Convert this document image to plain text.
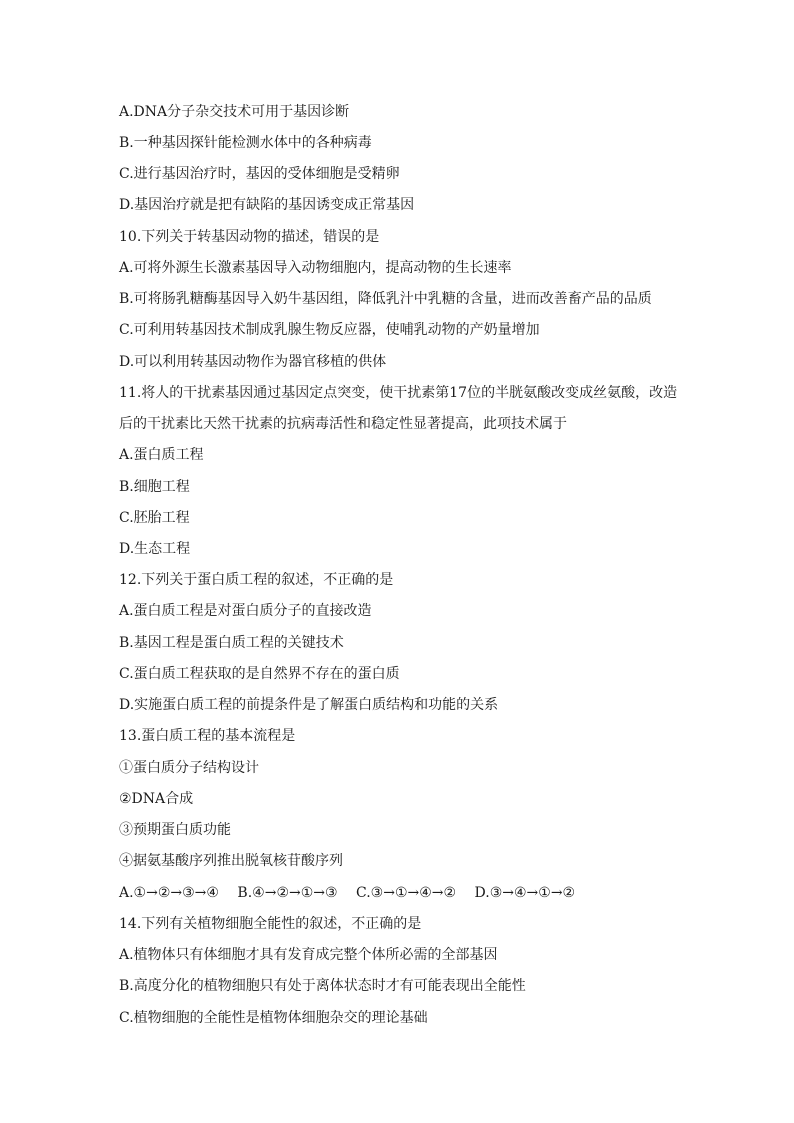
A.DNA分子杂交技术可用于基因诊断
B.一种基因探针能检测水体中的各种病毒
C.进行基因治疗时，基因的受体细胞是受精卵
D.基因治疗就是把有缺陷的基因诱变成正常基因
10.下列关于转基因动物的描述，错误的是
A.可将外源生长激素基因导入动物细胞内，提高动物的生长速率
B.可将肠乳糖酶基因导入奶牛基因组，降低乳汁中乳糖的含量，进而改善畜产品的品质
C.可利用转基因技术制成乳腺生物反应器，使哺乳动物的产奶量增加
D.可以利用转基因动物作为器官移植的供体
11.将人的干扰素基因通过基因定点突变，使干扰素第17位的半胱氨酸改变成丝氨酸，改造
后的干扰素比天然干扰素的抗病毒活性和稳定性显著提高，此项技术属于
A.蛋白质工程
B.细胞工程
C.胚胎工程
D.生态工程
12.下列关于蛋白质工程的叙述，不正确的是
A.蛋白质工程是对蛋白质分子的直接改造
B.基因工程是蛋白质工程的关键技术
C.蛋白质工程获取的是自然界不存在的蛋白质
D.实施蛋白质工程的前提条件是了解蛋白质结构和功能的关系
13.蛋白质工程的基本流程是
①蛋白质分子结构设计
②DNA合成
③预期蛋白质功能
④据氨基酸序列推出脱氧核苷酸序列
A.①→②→③→④ B.④→②→①→③ C.③→①→④→② D.③→④→①→②
14.下列有关植物细胞全能性的叙述，不正确的是
A.植物体只有体细胞才具有发育成完整个体所必需的全部基因
B.高度分化的植物细胞只有处于离体状态时才有可能表现出全能性
C.植物细胞的全能性是植物体细胞杂交的理论基础
